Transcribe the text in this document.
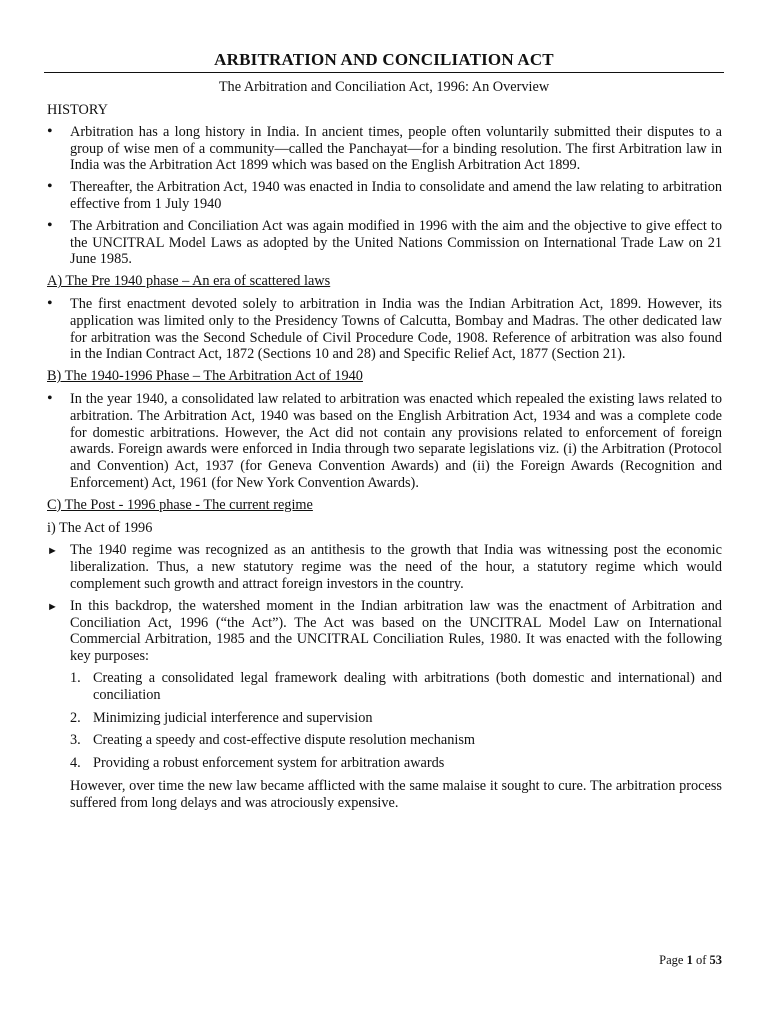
ARBITRATION AND CONCILIATION ACT
The Arbitration and Conciliation Act, 1996: An Overview
HISTORY
• Arbitration has a long history in India. In ancient times, people often voluntarily submitted their disputes to a group of wise men of a community—called the Panchayat—for a binding resolution. The first Arbitration law in India was the Arbitration Act 1899 which was based on the English Arbitration Act 1899.
• Thereafter, the Arbitration Act, 1940 was enacted in India to consolidate and amend the law relating to arbitration effective from 1 July 1940
• The Arbitration and Conciliation Act was again modified in 1996 with the aim and the objective to give effect to the UNCITRAL Model Laws as adopted by the United Nations Commission on International Trade Law on 21 June 1985.
A) The Pre 1940 phase – An era of scattered laws
• The first enactment devoted solely to arbitration in India was the Indian Arbitration Act, 1899. However, its application was limited only to the Presidency Towns of Calcutta, Bombay and Madras. The other dedicated law for arbitration was the Second Schedule of Civil Procedure Code, 1908. Reference of arbitration was also found in the Indian Contract Act, 1872 (Sections 10 and 28) and Specific Relief Act, 1877 (Section 21).
B) The 1940-1996 Phase – The Arbitration Act of 1940
• In the year 1940, a consolidated law related to arbitration was enacted which repealed the existing laws related to arbitration. The Arbitration Act, 1940 was based on the English Arbitration Act, 1934 and was a complete code for domestic arbitrations. However, the Act did not contain any provisions related to enforcement of foreign awards. Foreign awards were enforced in India through two separate legislations viz. (i) the Arbitration (Protocol and Convention) Act, 1937 (for Geneva Convention Awards) and (ii) the Foreign Awards (Recognition and Enforcement) Act, 1961 (for New York Convention Awards).
C) The Post - 1996 phase - The current regime
i) The Act of 1996
► The 1940 regime was recognized as an antithesis to the growth that India was witnessing post the economic liberalization. Thus, a new statutory regime was the need of the hour, a statutory regime which would complement such growth and attract foreign investors in the country.
► In this backdrop, the watershed moment in the Indian arbitration law was the enactment of Arbitration and Conciliation Act, 1996 (“the Act”). The Act was based on the UNCITRAL Model Law on International Commercial Arbitration, 1985 and the UNCITRAL Conciliation Rules, 1980. It was enacted with the following key purposes:
1. Creating a consolidated legal framework dealing with arbitrations (both domestic and international) and conciliation
2. Minimizing judicial interference and supervision
3. Creating a speedy and cost-effective dispute resolution mechanism
4. Providing a robust enforcement system for arbitration awards
However, over time the new law became afflicted with the same malaise it sought to cure. The arbitration process suffered from long delays and was atrociously expensive.
Page 1 of 53
